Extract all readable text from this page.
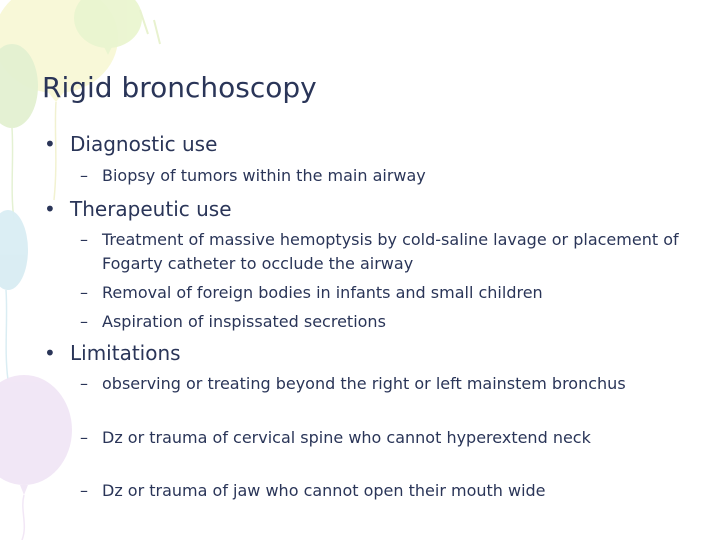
Rigid bronchoscopy
• Diagnostic use
– Biopsy of tumors within the main airway
• Therapeutic use
– Treatment of massive hemoptysis by cold-saline lavage or placement of Fogarty catheter to occlude the airway
– Removal of foreign bodies in infants and small children
– Aspiration of inspissated secretions
• Limitations
– observing or treating beyond the right or left mainstem bronchus
– Dz or trauma of cervical spine who cannot hyperextend neck
– Dz or trauma of jaw who cannot open their mouth wide
